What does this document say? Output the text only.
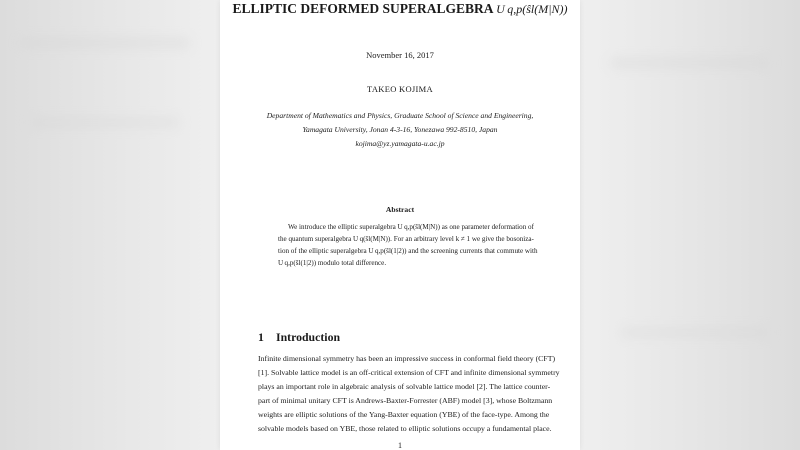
ELLIPTIC DEFORMED SUPERALGEBRA U q,p(ŝl(M|N))
November 16, 2017
TAKEO KOJIMA
Department of Mathematics and Physics, Graduate School of Science and Engineering,
Yamagata University, Jonan 4-3-16, Yonezawa 992-8510, Japan
kojima@yz.yamagata-u.ac.jp
Abstract
We introduce the elliptic superalgebra U q,p(ŝl(M|N)) as one parameter deformation of
the quantum superalgebra U q(ŝl(M|N)). For an arbitrary level k ≠ 1 we give the bosoniza-
tion of the elliptic superalgebra U q,p(ŝl(1|2)) and the screening currents that commute with
U q,p(ŝl(1|2)) modulo total difference.
1 Introduction
Infinite dimensional symmetry has been an impressive success in conformal field theory (CFT)
[1]. Solvable lattice model is an off-critical extension of CFT and infinite dimensional symmetry
plays an important role in algebraic analysis of solvable lattice model [2]. The lattice counter-
part of minimal unitary CFT is Andrews-Baxter-Forrester (ABF) model [3], whose Boltzmann
weights are elliptic solutions of the Yang-Baxter equation (YBE) of the face-type. Among the
solvable models based on YBE, those related to elliptic solutions occupy a fundamental place.
1
